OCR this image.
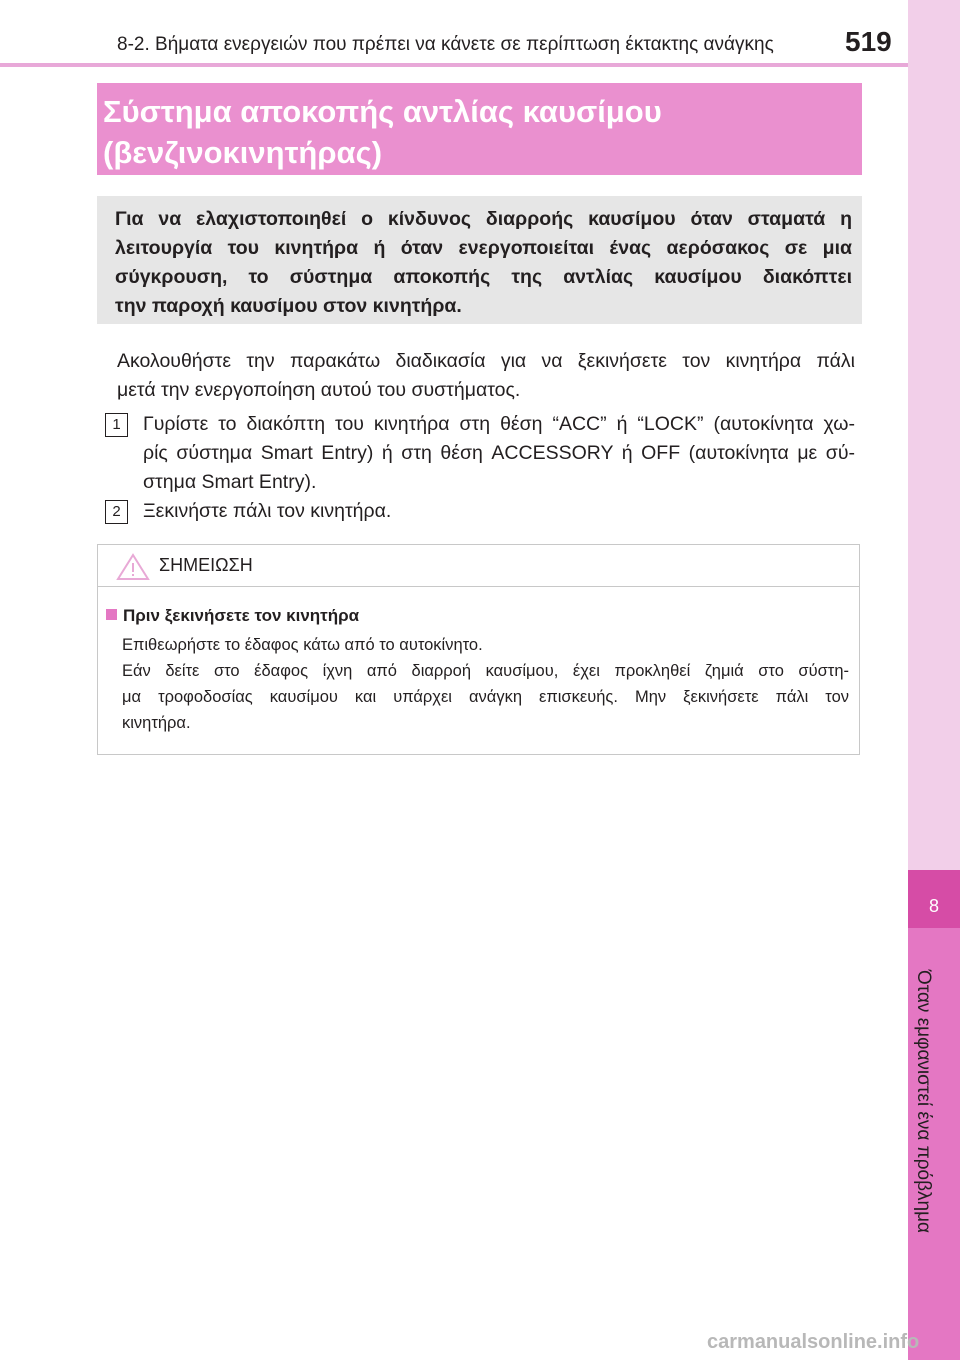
8-2. Βήματα ενεργειών που πρέπει να κάνετε σε περίπτωση έκτακτης ανάγκης	519
8
Όταν εμφανιστεί ένα πρόβλημα
Σύστημα αποκοπής αντλίας καυσίμου
(βενζινοκινητήρας)
Για να ελαχιστοποιηθεί ο κίνδυνος διαρροής καυσίμου όταν σταματά η
λειτουργία του κινητήρα ή όταν ενεργοποιείται ένας αερόσακος σε μια
σύγκρουση, το σύστημα αποκοπής της αντλίας καυσίμου διακόπτει
την παροχή καυσίμου στον κινητήρα.
Ακολουθήστε την παρακάτω διαδικασία για να ξεκινήσετε τον κινητήρα πάλι
μετά την ενεργοποίηση αυτού του συστήματος.
1	Γυρίστε το διακόπτη του κινητήρα στη θέση “ACC” ή “LOCK” (αυτοκίνητα χω-
ρίς σύστημα Smart Entry) ή στη θέση ACCESSORY ή OFF (αυτοκίνητα με σύ-
στημα Smart Entry).
2	Ξεκινήστε πάλι τον κινητήρα.
ΣΗΜΕΙΩΣΗ
Πριν ξεκινήσετε τον κινητήρα
Επιθεωρήστε το έδαφος κάτω από το αυτοκίνητο.
Εάν δείτε στο έδαφος ίχνη από διαρροή καυσίμου, έχει προκληθεί ζημιά στο σύστη-
μα τροφοδοσίας καυσίμου και υπάρχει ανάγκη επισκευής. Μην ξεκινήσετε πάλι τον
κινητήρα.
carmanualsonline.info
